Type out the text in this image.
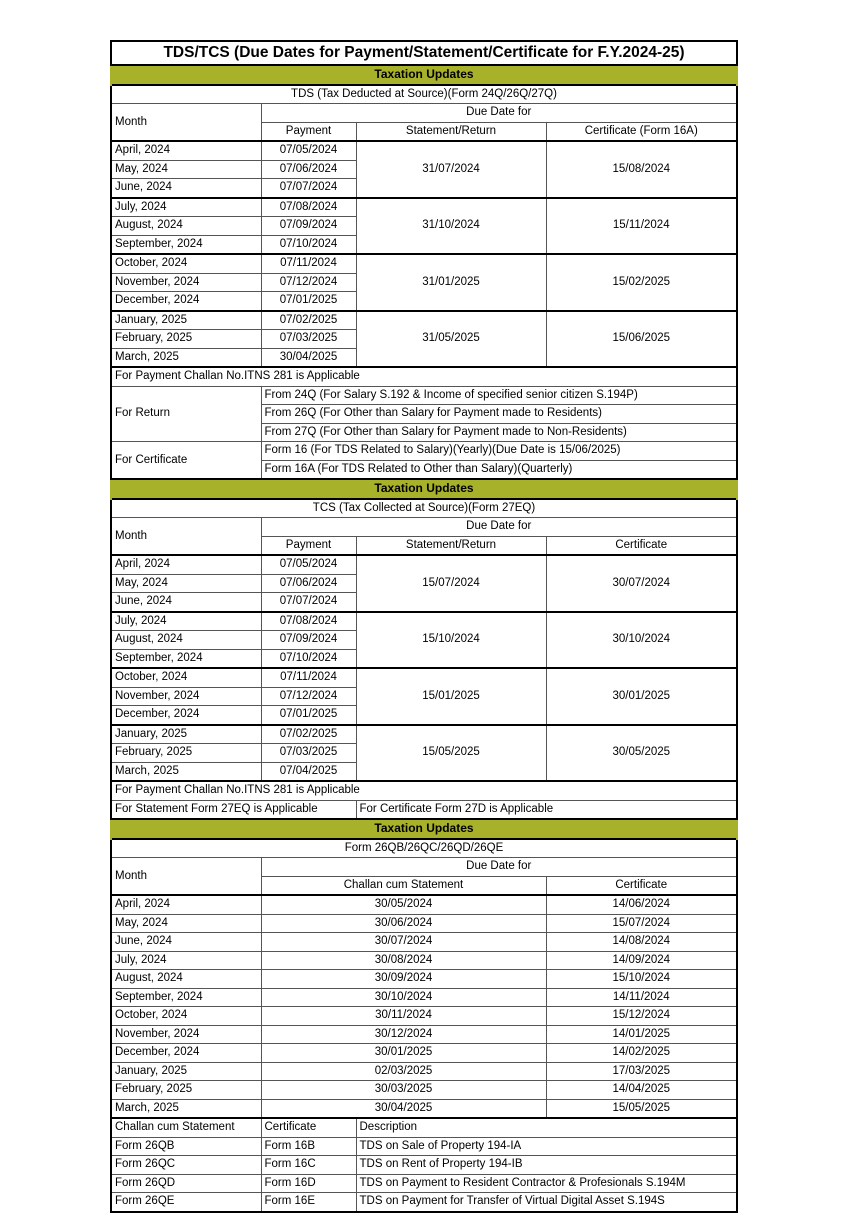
TDS/TCS (Due Dates for Payment/Statement/Certificate for F.Y.2024-25)			
Taxation Updates			
TDS (Tax Deducted at Source)(Form 24Q/26Q/27Q)			
Month	Due Date for		
	Payment	Statement/Return	Certificate (Form 16A)
April, 2024	07/05/2024	31/07/2024	15/08/2024
May, 2024	07/06/2024		
June, 2024	07/07/2024		
July, 2024	07/08/2024	31/10/2024	15/11/2024
August, 2024	07/09/2024		
September, 2024	07/10/2024		
October, 2024	07/11/2024	31/01/2025	15/02/2025
November, 2024	07/12/2024		
December, 2024	07/01/2025		
January, 2025	07/02/2025	31/05/2025	15/06/2025
February, 2025	07/03/2025		
March, 2025	30/04/2025		
For Payment Challan No.ITNS 281 is Applicable			
For Return	From 24Q (For Salary S.192 & Income of specified senior citizen S.194P)		
	From 26Q (For Other than Salary for Payment made to Residents)		
	From 27Q (For Other than Salary for Payment made to Non-Residents)		
For Certificate	Form 16 (For TDS Related to Salary)(Yearly)(Due Date is 15/06/2025)		
	Form 16A (For TDS Related to Other than Salary)(Quarterly)		
Taxation Updates			
TCS (Tax Collected at Source)(Form 27EQ)			
Month	Due Date for		
	Payment	Statement/Return	Certificate
April, 2024	07/05/2024	15/07/2024	30/07/2024
May, 2024	07/06/2024		
June, 2024	07/07/2024		
July, 2024	07/08/2024	15/10/2024	30/10/2024
August, 2024	07/09/2024		
September, 2024	07/10/2024		
October, 2024	07/11/2024	15/01/2025	30/01/2025
November, 2024	07/12/2024		
December, 2024	07/01/2025		
January, 2025	07/02/2025	15/05/2025	30/05/2025
February, 2025	07/03/2025		
March, 2025	07/04/2025		
For Payment Challan No.ITNS 281 is Applicable			
For Statement Form 27EQ is Applicable		For Certificate Form 27D is Applicable	
Taxation Updates			
Form 26QB/26QC/26QD/26QE			
Month	Due Date for		
	Challan cum Statement		Certificate
April, 2024	30/05/2024		14/06/2024
May, 2024	30/06/2024		15/07/2024
June, 2024	30/07/2024		14/08/2024
July, 2024	30/08/2024		14/09/2024
August, 2024	30/09/2024		15/10/2024
September, 2024	30/10/2024		14/11/2024
October, 2024	30/11/2024		15/12/2024
November, 2024	30/12/2024		14/01/2025
December, 2024	30/01/2025		14/02/2025
January, 2025	02/03/2025		17/03/2025
February, 2025	30/03/2025		14/04/2025
March, 2025	30/04/2025		15/05/2025
Challan cum Statement	Certificate	Description	
Form 26QB	Form 16B	TDS on Sale of Property 194-IA	
Form 26QC	Form 16C	TDS on Rent of Property 194-IB	
Form 26QD	Form 16D	TDS on Payment to Resident Contractor & Profesionals S.194M	
Form 26QE	Form 16E	TDS on Payment for Transfer of Virtual Digital Asset S.194S	
